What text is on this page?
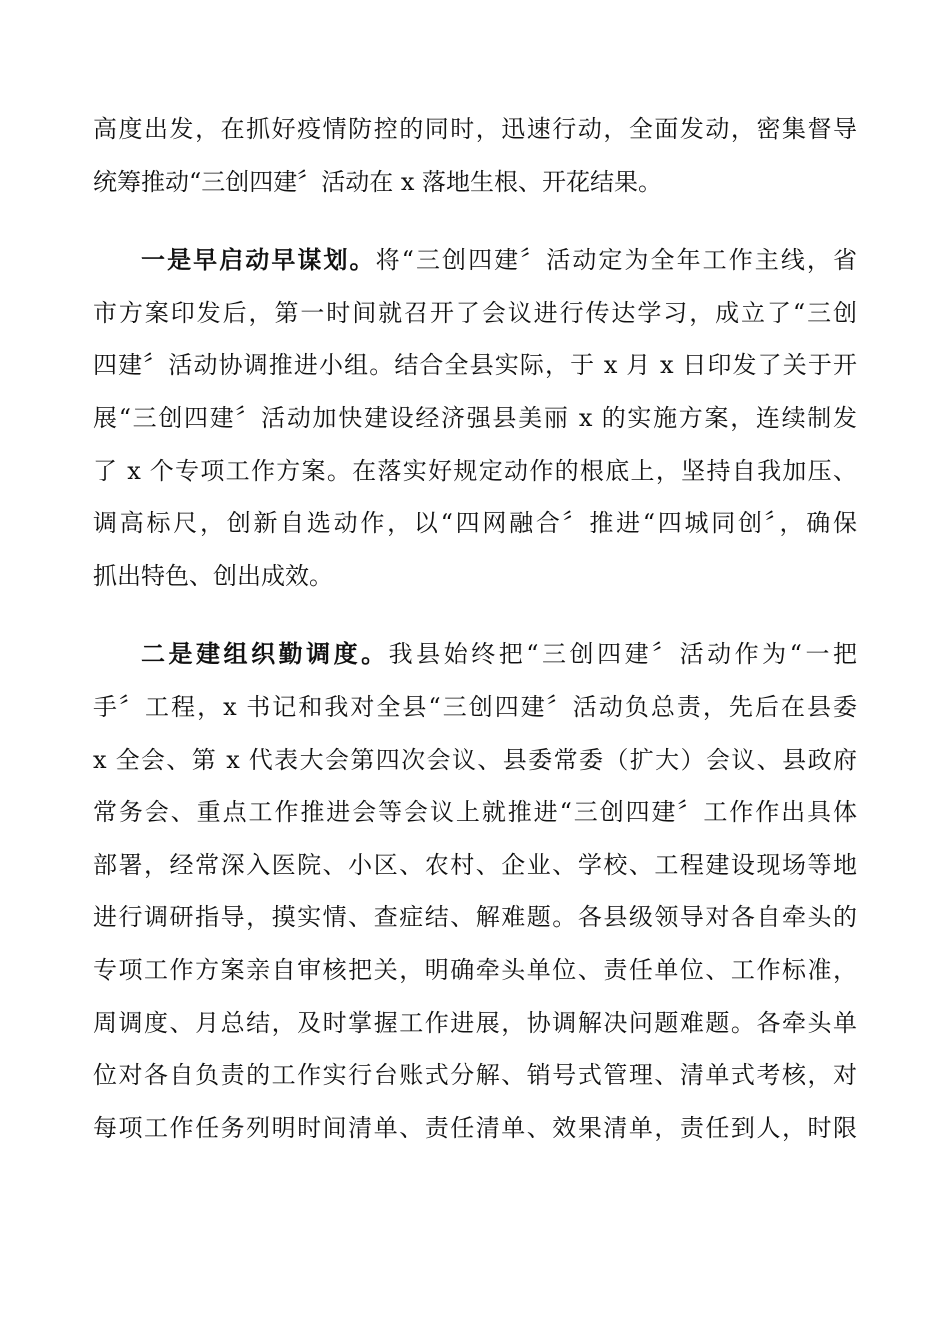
高度出发，在抓好疫情防控的同时，迅速行动，全面发动，密集督导
统筹推动“三创四建〞活动在 x 落地生根、开花结果。
一是早启动早谋划。将“三创四建〞活动定为全年工作主线，省
市方案印发后，第一时间就召开了会议进行传达学习，成立了“三创
四建〞活动协调推进小组。结合全县实际，于 x 月 x 日印发了关于开
展“三创四建〞活动加快建设经济强县美丽 x 的实施方案，连续制发
了 x 个专项工作方案。在落实好规定动作的根底上，坚持自我加压、
调高标尺，创新自选动作，以“四网融合〞推进“四城同创〞，确保
抓出特色、创出成效。
二是建组织勤调度。我县始终把“三创四建〞活动作为“一把
手〞工程，x 书记和我对全县“三创四建〞活动负总责，先后在县委
x 全会、第 x 代表大会第四次会议、县委常委（扩大）会议、县政府
常务会、重点工作推进会等会议上就推进“三创四建〞工作作出具体
部署，经常深入医院、小区、农村、企业、学校、工程建设现场等地
进行调研指导，摸实情、查症结、解难题。各县级领导对各自牵头的
专项工作方案亲自审核把关，明确牵头单位、责任单位、工作标准，
周调度、月总结，及时掌握工作进展，协调解决问题难题。各牵头单
位对各自负责的工作实行台账式分解、销号式管理、清单式考核，对
每项工作任务列明时间清单、责任清单、效果清单，责任到人，时限
